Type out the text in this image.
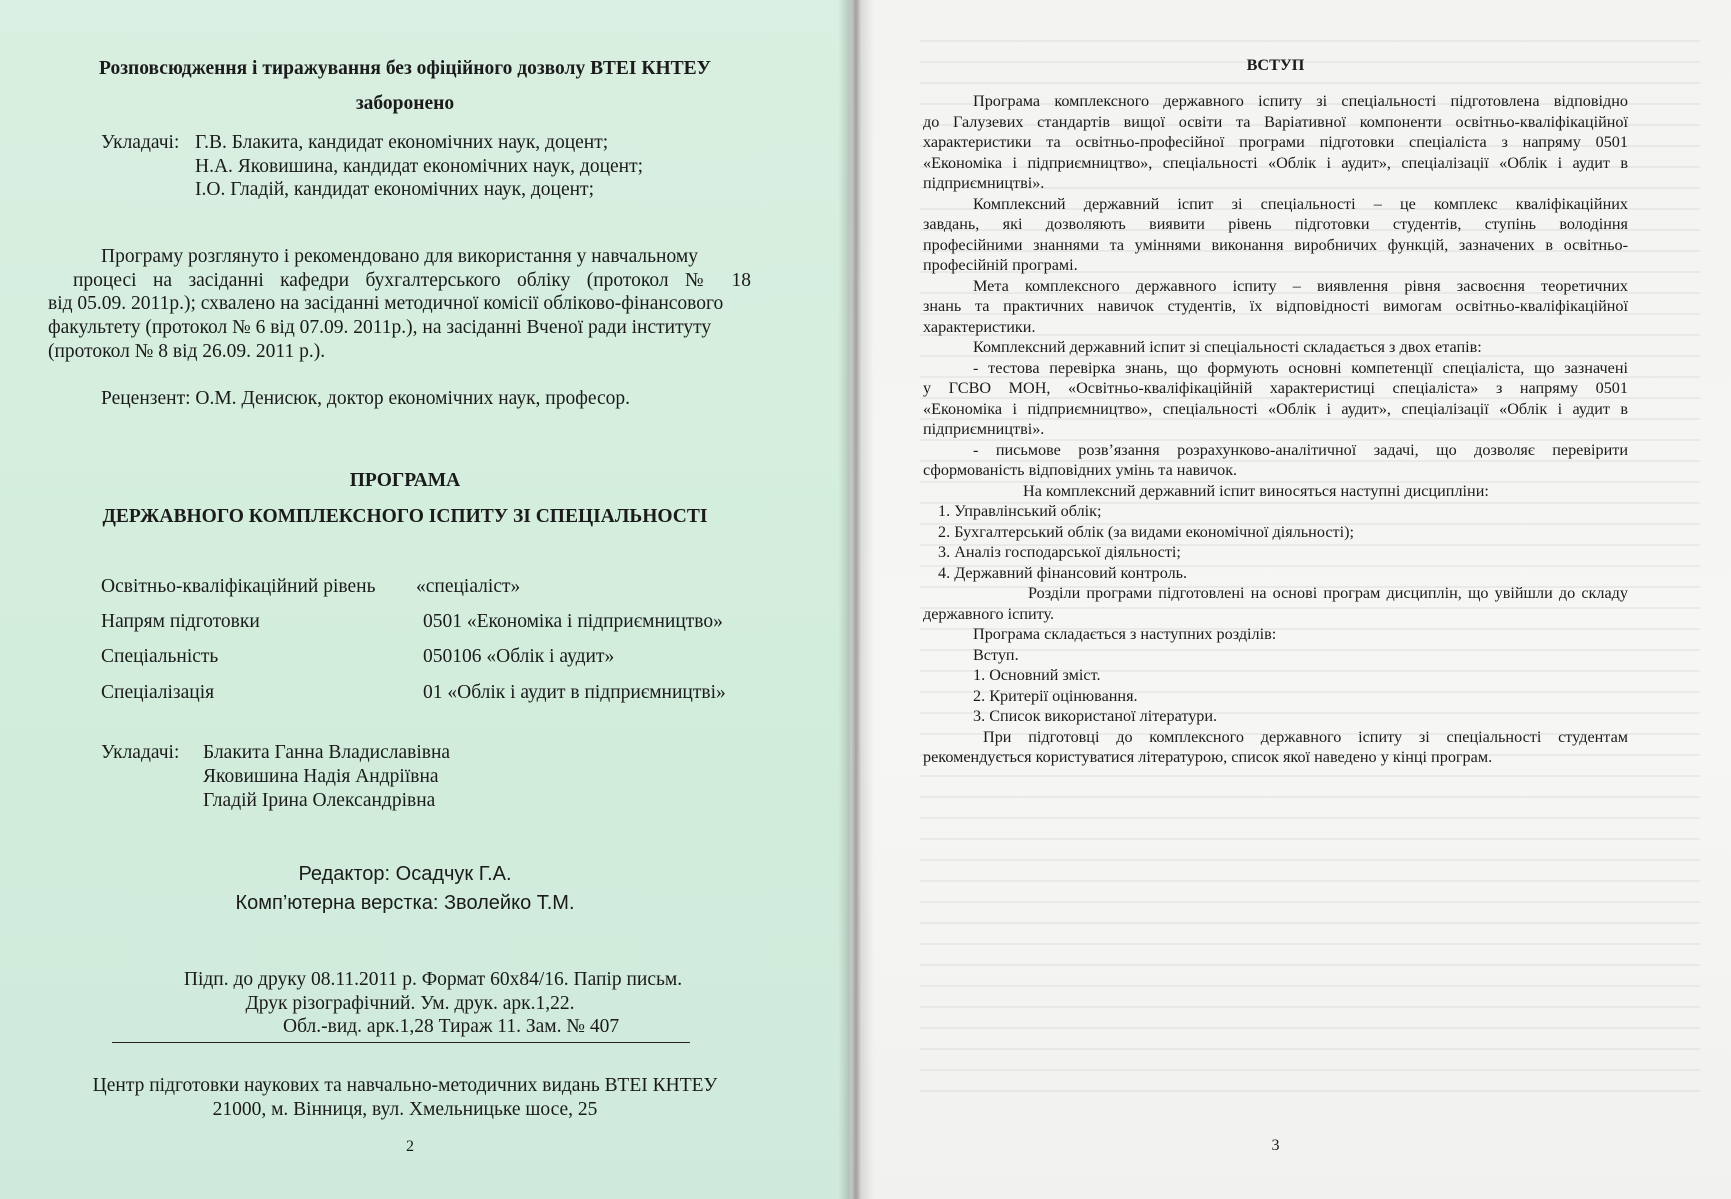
Розповсюдження і тиражування без офіційного дозволу ВТЕІ КНТЕУ
заборонено
Укладачі: Г.В. Блакита, кандидат економічних наук, доцент;
Н.А. Яковишина, кандидат економічних наук, доцент;
І.О. Гладій, кандидат економічних наук, доцент;
Програму розглянуто і рекомендовано для використання у навчальному
процесі на засіданні кафедри бухгалтерського обліку (протокол № 18
від 05.09. 2011р.); схвалено на засіданні методичної комісії обліково-фінансового
факультету (протокол № 6 від 07.09. 2011р.), на засіданні Вченої ради інституту
(протокол № 8 від 26.09. 2011 р.).
Рецензент: О.М. Денисюк, доктор економічних наук, професор.
ПРОГРАМА
ДЕРЖАВНОГО КОМПЛЕКСНОГО ІСПИТУ ЗІ СПЕЦІАЛЬНОСТІ
Освітньо-кваліфікаційний рівень «спеціаліст»
Напрям підготовки	0501 «Економіка і підприємництво»
Спеціальність	050106 «Облік і аудит»
Спеціалізація	01 «Облік і аудит в підприємництві»
Укладачі: Блакита Ганна Владиславівна
Яковишина Надія Андріївна
Гладій Ірина Олександрівна
Редактор: Осадчук Г.А.
Комп’ютерна верстка: Зволейко Т.М.
Підп. до друку 08.11.2011 р. Формат 60х84/16. Папір письм.
Друк різографічний. Ум. друк. арк.1,22.
Обл.-вид. арк.1,28 Тираж 11. Зам. № 407
Центр підготовки наукових та навчально-методичних видань ВТЕІ КНТЕУ
21000, м. Вінниця, вул. Хмельницьке шосе, 25
2
ВСТУП
Програма комплексного державного іспиту зі спеціальності підготовлена відповідно
до Галузевих стандартів вищої освіти та Варіативної компоненти освітньо-кваліфікаційної
характеристики та освітньо-професійної програми підготовки спеціаліста з напряму 0501
«Економіка і підприємництво», спеціальності «Облік і аудит», спеціалізації «Облік і аудит в
підприємництві».
Комплексний державний іспит зі спеціальності – це комплекс кваліфікаційних
завдань, які дозволяють виявити рівень підготовки студентів, ступінь володіння
професійними знаннями та уміннями виконання виробничих функцій, зазначених в освітньо-
професійній програмі.
Мета комплексного державного іспиту – виявлення рівня засвоєння теоретичних
знань та практичних навичок студентів, їх відповідності вимогам освітньо-кваліфікаційної
характеристики.
Комплексний державний іспит зі спеціальності складається з двох етапів:
- тестова перевірка знань, що формують основні компетенції спеціаліста, що зазначені
у ГСВО МОН, «Освітньо-кваліфікаційній характеристиці спеціаліста» з напряму 0501
«Економіка і підприємництво», спеціальності «Облік і аудит», спеціалізації «Облік і аудит в
підприємництві».
- письмове розв’язання розрахунково-аналітичної задачі, що дозволяє перевірити
сформованість відповідних умінь та навичок.
На комплексний державний іспит виносяться наступні дисципліни:
1. Управлінський облік;
2. Бухгалтерський облік (за видами економічної діяльності);
3. Аналіз господарської діяльності;
4. Державний фінансовий контроль.
Розділи програми підготовлені на основі програм дисциплін, що увійшли до складу
державного іспиту.
Програма складається з наступних розділів:
Вступ.
1. Основний зміст.
2. Критерії оцінювання.
3. Список використаної літератури.
При підготовці до комплексного державного іспиту зі спеціальності студентам
рекомендується користуватися літературою, список якої наведено у кінці програм.
3
